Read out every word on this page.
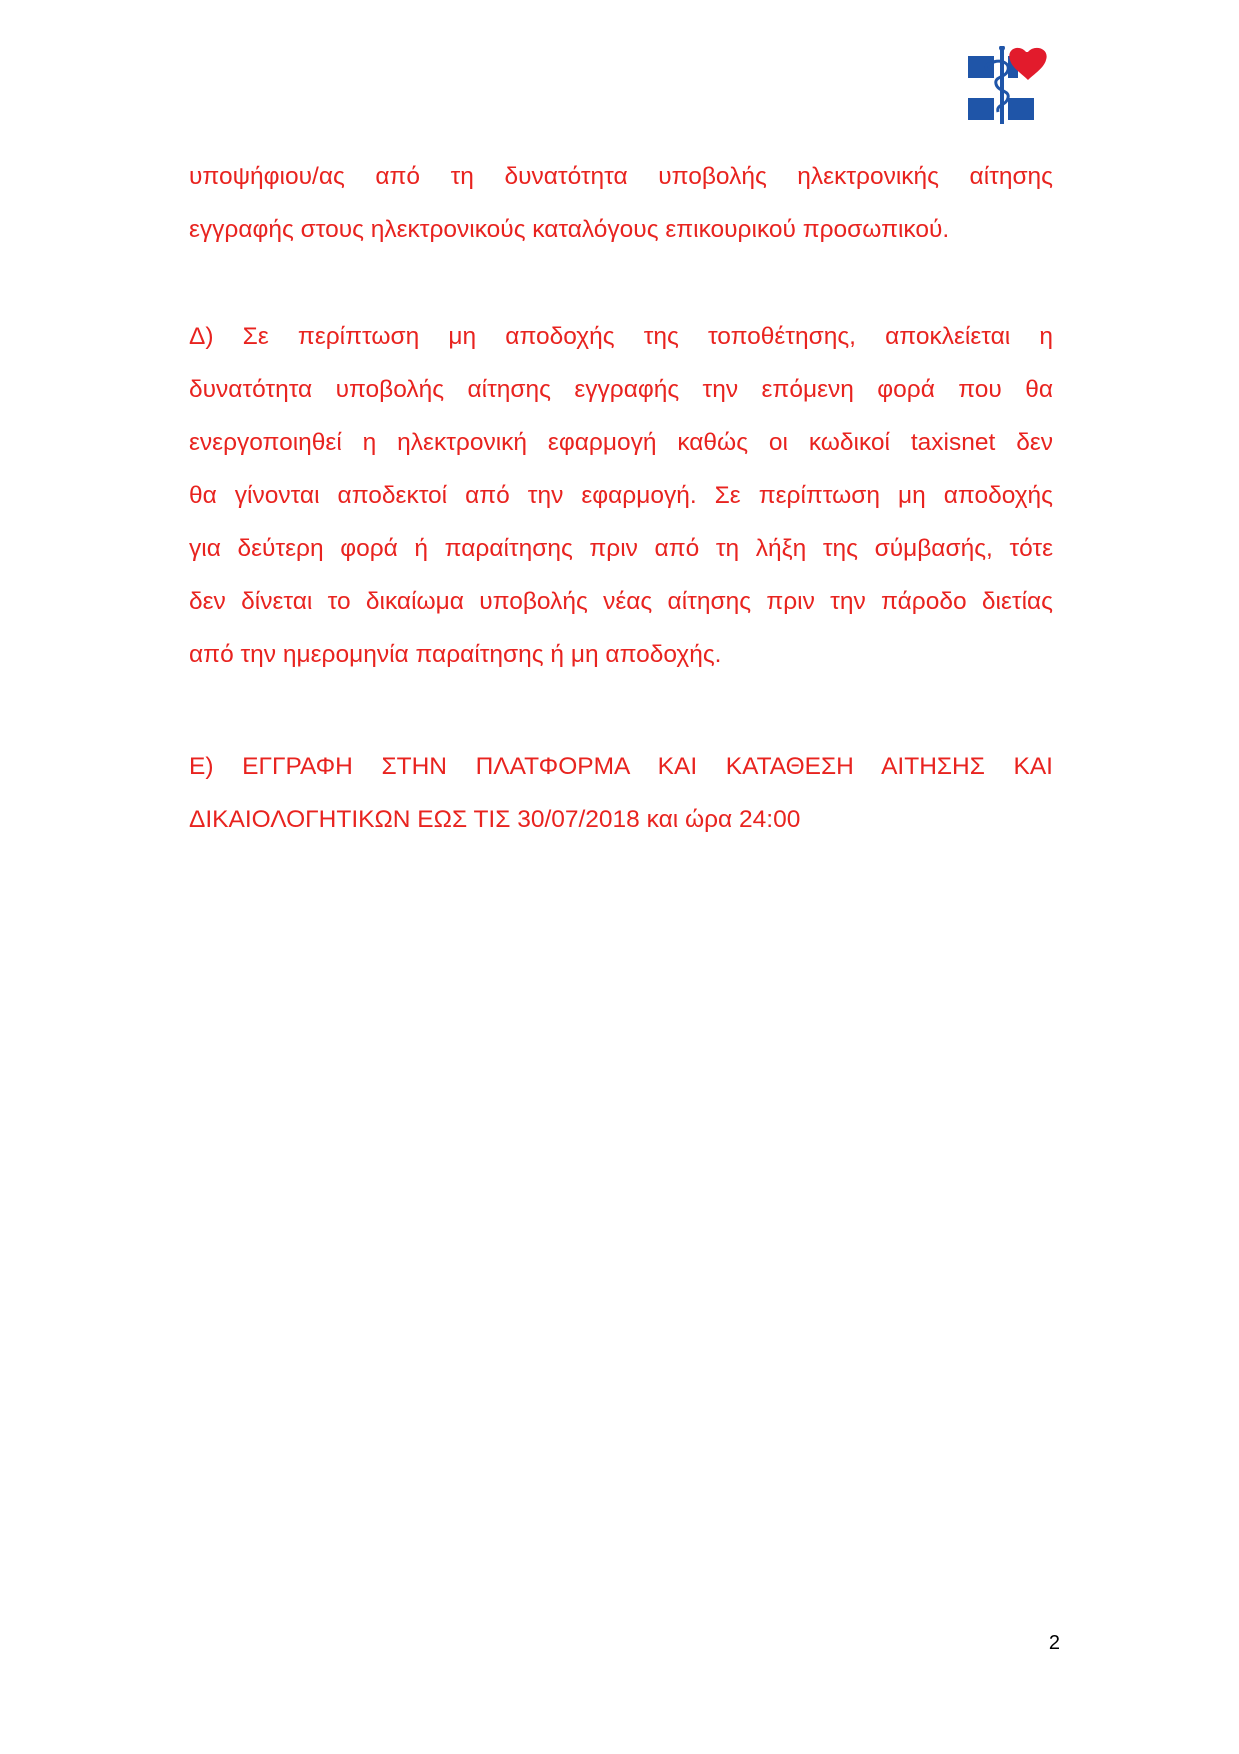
υποψήφιου/ας από τη δυνατότητα υποβολής ηλεκτρονικής αίτησης
εγγραφής στους ηλεκτρονικούς καταλόγους επικουρικού προσωπικού.
Δ) Σε περίπτωση μη αποδοχής της τοποθέτησης, αποκλείεται η
δυνατότητα υποβολής αίτησης εγγραφής την επόμενη φορά που θα
ενεργοποιηθεί η ηλεκτρονική εφαρμογή καθώς οι κωδικοί taxisnet δεν
θα γίνονται αποδεκτοί από την εφαρμογή. Σε περίπτωση μη αποδοχής
για δεύτερη φορά ή παραίτησης πριν από τη λήξη της σύμβασής, τότε
δεν δίνεται το δικαίωμα υποβολής νέας αίτησης πριν την πάροδο διετίας
από την ημερομηνία παραίτησης ή μη αποδοχής.
Ε) ΕΓΓΡΑΦΗ ΣΤΗΝ ΠΛΑΤΦΟΡΜΑ ΚΑΙ ΚΑΤΑΘΕΣΗ ΑΙΤΗΣΗΣ ΚΑΙ
ΔΙΚΑΙΟΛΟΓΗΤΙΚΩΝ ΕΩΣ ΤΙΣ 30/07/2018 και ώρα 24:00
2
